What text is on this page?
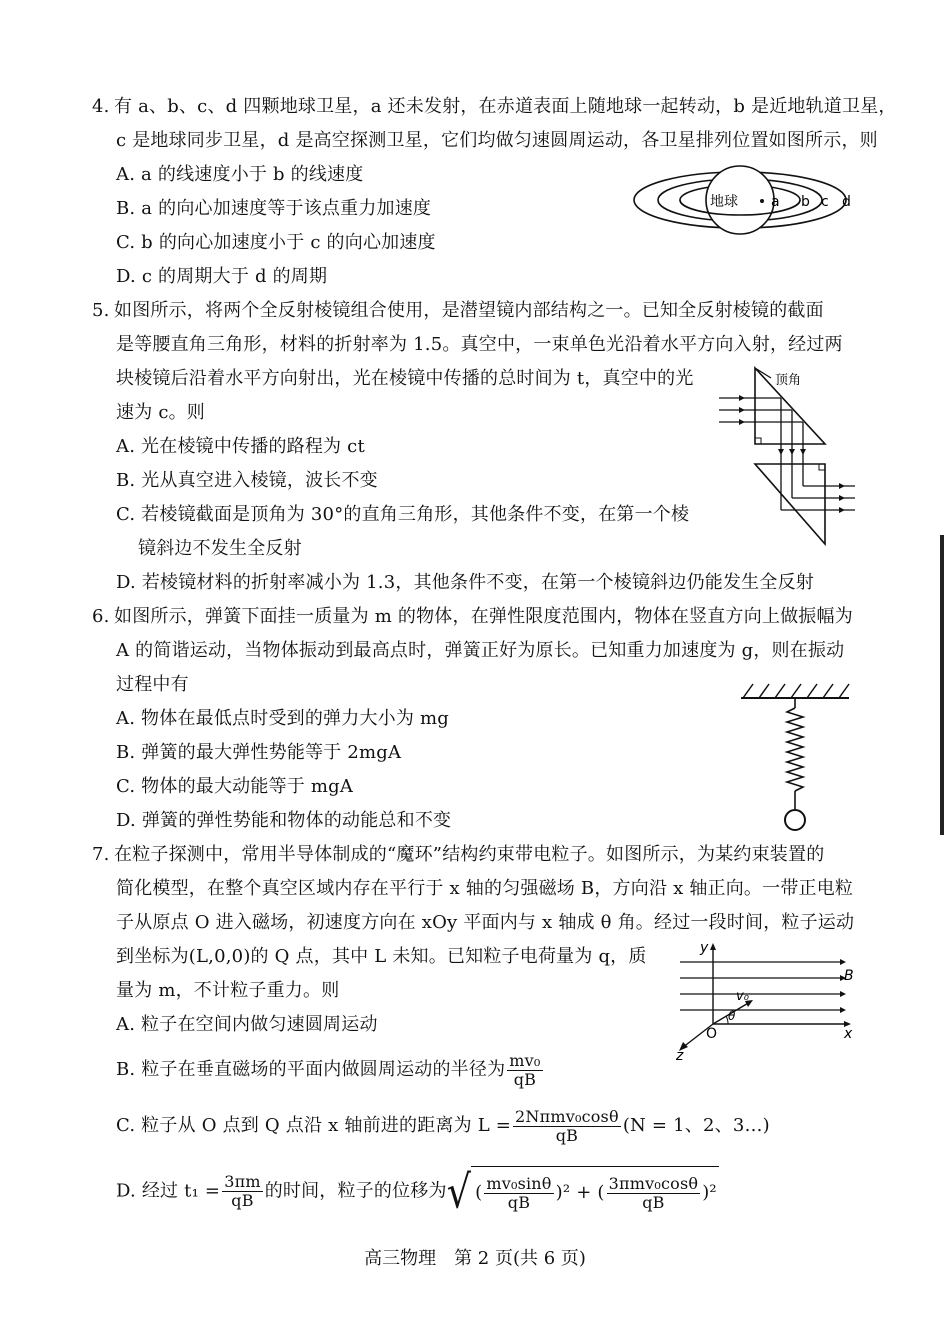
4. 有 a、b、c、d 四颗地球卫星，a 还未发射，在赤道表面上随地球一起转动，b 是近地轨道卫星，
c 是地球同步卫星，d 是高空探测卫星，它们均做匀速圆周运动，各卫星排列位置如图所示，则
A. a 的线速度小于 b 的线速度
B. a 的向心加速度等于该点重力加速度
C. b 的向心加速度小于 c 的向心加速度
D. c 的周期大于 d 的周期
地球 a b c d
5. 如图所示，将两个全反射棱镜组合使用，是潜望镜内部结构之一。已知全反射棱镜的截面
是等腰直角三角形，材料的折射率为 1.5。真空中，一束单色光沿着水平方向入射，经过两
块棱镜后沿着水平方向射出，光在棱镜中传播的总时间为 t，真空中的光
速为 c。则
A. 光在棱镜中传播的路程为 ct
B. 光从真空进入棱镜，波长不变
C. 若棱镜截面是顶角为 30°的直角三角形，其他条件不变，在第一个棱
镜斜边不发生全反射
D. 若棱镜材料的折射率减小为 1.3，其他条件不变，在第一个棱镜斜边仍能发生全反射
顶角
6. 如图所示，弹簧下面挂一质量为 m 的物体，在弹性限度范围内，物体在竖直方向上做振幅为
A 的简谐运动，当物体振动到最高点时，弹簧正好为原长。已知重力加速度为 g，则在振动
过程中有
A. 物体在最低点时受到的弹力大小为 mg
B. 弹簧的最大弹性势能等于 2mgA
C. 物体的最大动能等于 mgA
D. 弹簧的弹性势能和物体的动能总和不变
7. 在粒子探测中，常用半导体制成的“魔环”结构约束带电粒子。如图所示，为某约束装置的
简化模型，在整个真空区域内存在平行于 x 轴的匀强磁场 B，方向沿 x 轴正向。一带正电粒
子从原点 O 进入磁场，初速度方向在 xOy 平面内与 x 轴成 θ 角。经过一段时间，粒子运动
到坐标为(L,0,0)的 Q 点，其中 L 未知。已知粒子电荷量为 q，质
量为 m，不计粒子重力。则
A. 粒子在空间内做匀速圆周运动
B. 粒子在垂直磁场的平面内做圆周运动的半径为 $\frac{\text{mv₀}}{qB}$
C. 粒子从 O 点到 Q 点沿 x 轴前进的距离为 $L = \frac{\text{2Nπmv₀cosθ}}{qB} (N = 1$、2、3…)
D. 经过 $t_1 = \frac{3\pi m}{qB}$ 的时间，粒子的位移为√ ( $\frac{\text{mv₀sinθ}}{qB} )^2$ + ( $\frac{\text{3πmv₀cosθ}}{qB} )^2$
B
y
x
z
v₀
θ
O
高三物理　第 2 页(共 6 页)
